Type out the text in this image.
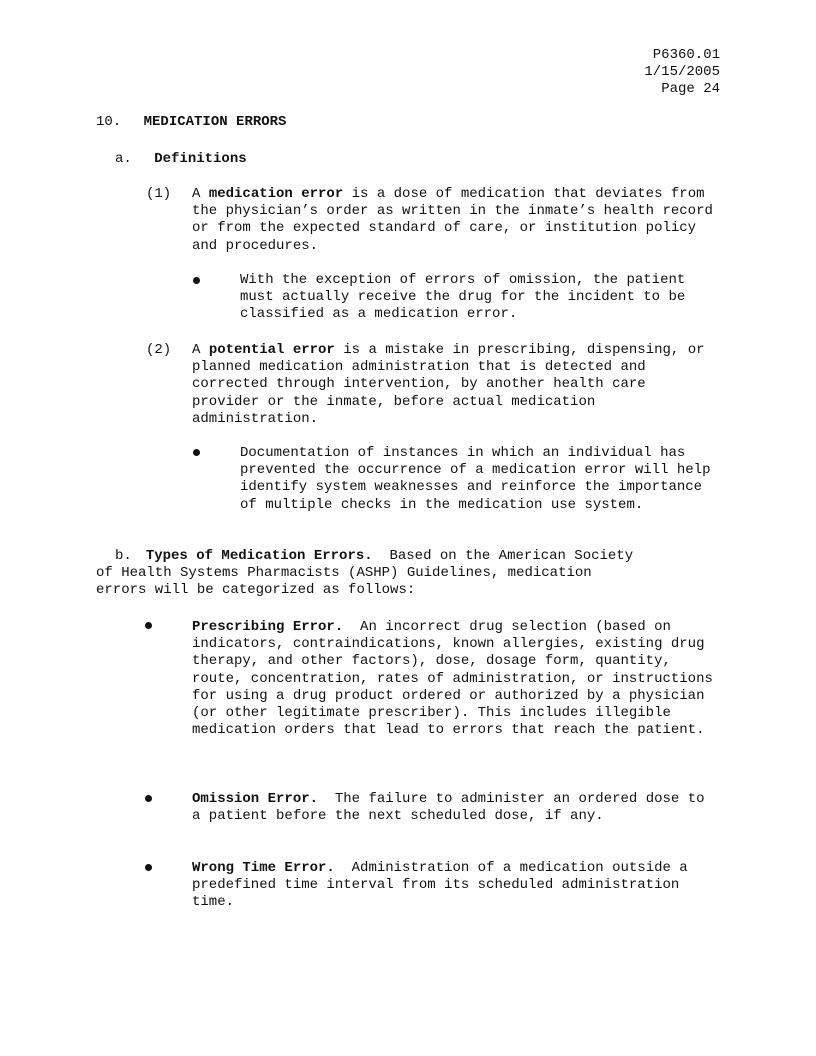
P6360.01
1/15/2005
Page 24
10. MEDICATION ERRORS
a. Definitions
(1) A medication error is a dose of medication that deviates from the physician’s order as written in the inmate’s health record or from the expected standard of care, or institution policy and procedures.
With the exception of errors of omission, the patient must actually receive the drug for the incident to be classified as a medication error.
(2) A potential error is a mistake in prescribing, dispensing, or planned medication administration that is detected and corrected through intervention, by another health care provider or the inmate, before actual medication administration.
Documentation of instances in which an individual has prevented the occurrence of a medication error will help identify system weaknesses and reinforce the importance of multiple checks in the medication use system.
b. Types of Medication Errors. Based on the American Society of Health Systems Pharmacists (ASHP) Guidelines, medication errors will be categorized as follows:
Prescribing Error. An incorrect drug selection (based on indicators, contraindications, known allergies, existing drug therapy, and other factors), dose, dosage form, quantity, route, concentration, rates of administration, or instructions for using a drug product ordered or authorized by a physician (or other legitimate prescriber). This includes illegible medication orders that lead to errors that reach the patient.
Omission Error. The failure to administer an ordered dose to a patient before the next scheduled dose, if any.
Wrong Time Error. Administration of a medication outside a predefined time interval from its scheduled administration time.
